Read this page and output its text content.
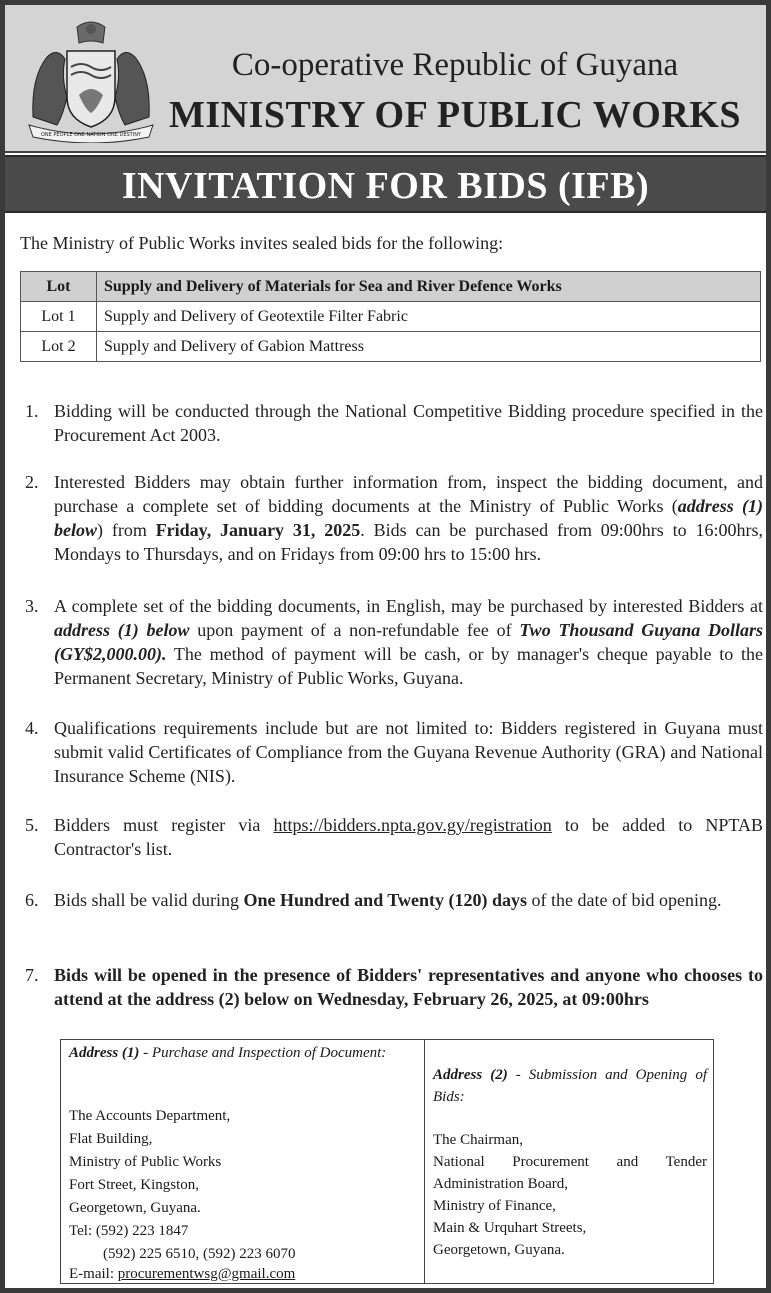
ONE PEOPLE ONE NATION ONE DESTINY
Co-operative Republic of Guyana
MINISTRY OF PUBLIC WORKS
INVITATION FOR BIDS (IFB)
The Ministry of Public Works invites sealed bids for the following:
Lot	Supply and Delivery of Materials for Sea and River Defence Works
Lot 1	Supply and Delivery of Geotextile Filter Fabric
Lot 2	Supply and Delivery of Gabion Mattress
1. Bidding will be conducted through the National Competitive Bidding procedure specified in the Procurement Act 2003.
2. Interested Bidders may obtain further information from, inspect the bidding document, and purchase a complete set of bidding documents at the Ministry of Public Works (address (1) below) from Friday, January 31, 2025. Bids can be purchased from 09:00hrs to 16:00hrs, Mondays to Thursdays, and on Fridays from 09:00 hrs to 15:00 hrs.
3. A complete set of the bidding documents, in English, may be purchased by interested Bidders at address (1) below upon payment of a non-refundable fee of Two Thousand Guyana Dollars (GY$2,000.00). The method of payment will be cash, or by manager's cheque payable to the Permanent Secretary, Ministry of Public Works, Guyana.
4. Qualifications requirements include but are not limited to: Bidders registered in Guyana must submit valid Certificates of Compliance from the Guyana Revenue Authority (GRA) and National Insurance Scheme (NIS).
5. Bidders must register via https://bidders.npta.gov.gy/registration to be added to NPTAB Contractor's list.
6. Bids shall be valid during One Hundred and Twenty (120) days of the date of bid opening.
7. Bids will be opened in the presence of Bidders' representatives and anyone who chooses to attend at the address (2) below on Wednesday, February 26, 2025, at 09:00hrs
Address (1) - Purchase and Inspection of Document:
The Accounts Department,
Flat Building,
Ministry of Public Works
Fort Street, Kingston,
Georgetown, Guyana.
Tel: (592) 223 1847
(592) 225 6510, (592) 223 6070
E-mail: procurementwsg@gmail.com
Address (2) - Submission and Opening of Bids:
The Chairman,
National Procurement and Tender
Administration Board,
Ministry of Finance,
Main & Urquhart Streets,
Georgetown, Guyana.
